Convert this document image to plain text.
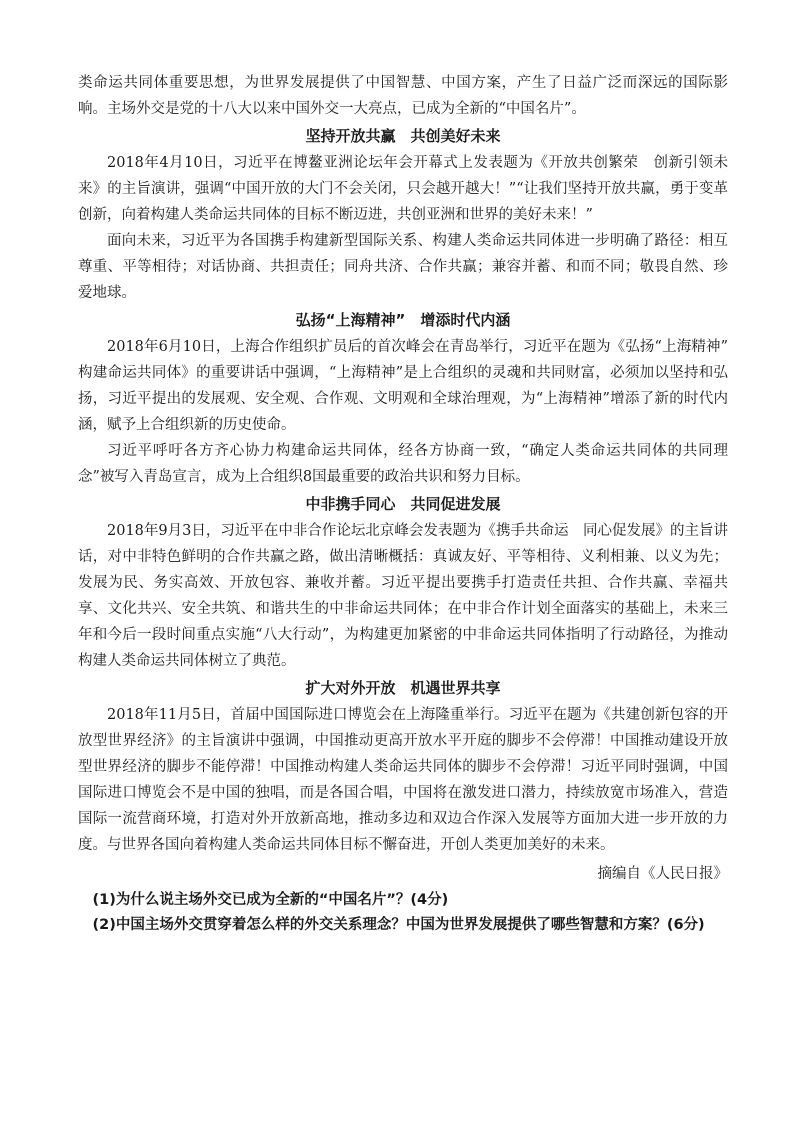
类命运共同体重要思想，为世界发展提供了中国智慧、中国方案，产生了日益广泛而深远的国际影响。主场外交是党的十八大以来中国外交一大亮点，已成为全新的“中国名片”。

坚持开放共赢　共创美好未来

2018年4月10日，习近平在博鳌亚洲论坛年会开幕式上发表题为《开放共创繁荣　创新引领未来》的主旨演讲，强调“中国开放的大门不会关闭，只会越开越大！”“让我们坚持开放共赢，勇于变革创新，向着构建人类命运共同体的目标不断迈进，共创亚洲和世界的美好未来！”

面向未来，习近平为各国携手构建新型国际关系、构建人类命运共同体进一步明确了路径：相互尊重、平等相待；对话协商、共担责任；同舟共济、合作共赢；兼容并蓄、和而不同；敬畏自然、珍爱地球。

弘扬“上海精神”　增添时代内涵

2018年6月10日，上海合作组织扩员后的首次峰会在青岛举行，习近平在题为《弘扬“上海精神”　构建命运共同体》的重要讲话中强调，“上海精神”是上合组织的灵魂和共同财富，必须加以坚持和弘扬，习近平提出的发展观、安全观、合作观、文明观和全球治理观，为“上海精神”增添了新的时代内涵，赋予上合组织新的历史使命。

习近平呼吁各方齐心协力构建命运共同体，经各方协商一致，“确定人类命运共同体的共同理念”被写入青岛宣言，成为上合组织8国最重要的政治共识和努力目标。

中非携手同心　共同促进发展

2018年9月3日，习近平在中非合作论坛北京峰会发表题为《携手共命运　同心促发展》的主旨讲话，对中非特色鲜明的合作共赢之路，做出清晰概括：真诚友好、平等相待、义利相兼、以义为先；发展为民、务实高效、开放包容、兼收并蓄。习近平提出要携手打造责任共担、合作共赢、幸福共享、文化共兴、安全共筑、和谐共生的中非命运共同体；在中非合作计划全面落实的基础上，未来三年和今后一段时间重点实施“八大行动”，为构建更加紧密的中非命运共同体指明了行动路径，为推动构建人类命运共同体树立了典范。

扩大对外开放　机遇世界共享

2018年11月5日，首届中国国际进口博览会在上海隆重举行。习近平在题为《共建创新包容的开放型世界经济》的主旨演讲中强调，中国推动更高开放水平开庭的脚步不会停滞！中国推动建设开放型世界经济的脚步不能停滞！中国推动构建人类命运共同体的脚步不会停滞！习近平同时强调，中国国际进口博览会不是中国的独唱，而是各国合唱，中国将在激发进口潜力，持续放宽市场准入，营造国际一流营商环境，打造对外开放新高地，推动多边和双边合作深入发展等方面加大进一步开放的力度。与世界各国向着构建人类命运共同体目标不懈奋进，开创人类更加美好的未来。

摘编自《人民日报》

(1)为什么说主场外交已成为全新的“中国名片”？(4分)

(2)中国主场外交贯穿着怎么样的外交关系理念？中国为世界发展提供了哪些智慧和方案？(6分)
